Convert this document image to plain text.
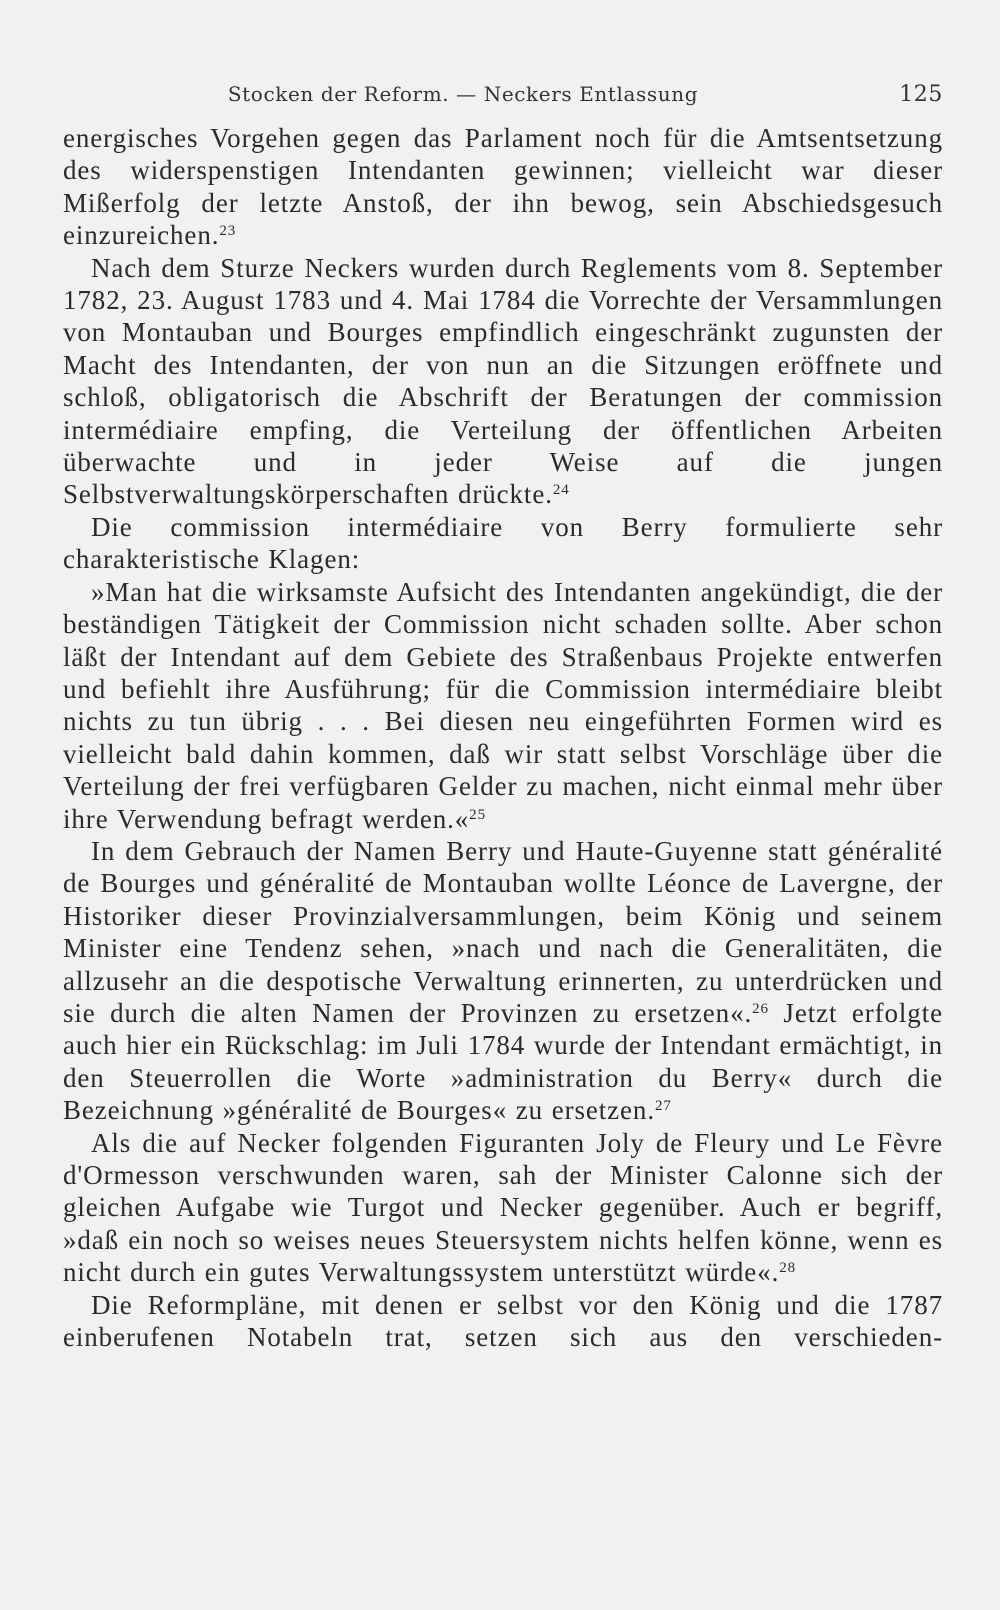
Stocken der Reform. — Neckers Entlassung	125

energisches Vorgehen gegen das Parlament noch für die Amtsentsetzung des widerspenstigen Intendanten gewinnen; vielleicht war dieser Mißerfolg der letzte Anstoß, der ihn bewog, sein Abschiedsgesuch einzureichen.$^{23}$

Nach dem Sturze Neckers wurden durch Reglements vom 8. September 1782, 23. August 1783 und 4. Mai 1784 die Vorrechte der Versammlungen von Montauban und Bourges empfindlich eingeschränkt zugunsten der Macht des Intendanten, der von nun an die Sitzungen eröffnete und schloß, obligatorisch die Abschrift der Beratungen der commission intermédiaire empfing, die Verteilung der öffentlichen Arbeiten überwachte und in jeder Weise auf die jungen Selbstverwaltungskörperschaften drückte.$^{24}$

Die commission intermédiaire von Berry formulierte sehr charakteristische Klagen:

»Man hat die wirksamste Aufsicht des Intendanten angekündigt, die der beständigen Tätigkeit der Commission nicht schaden sollte. Aber schon läßt der Intendant auf dem Gebiete des Straßenbaus Projekte entwerfen und befiehlt ihre Ausführung; für die Commission intermédiaire bleibt nichts zu tun übrig . . . Bei diesen neu eingeführten Formen wird es vielleicht bald dahin kommen, daß wir statt selbst Vorschläge über die Verteilung der frei verfügbaren Gelder zu machen, nicht einmal mehr über ihre Verwendung befragt werden.«$^{25}$

In dem Gebrauch der Namen Berry und Haute-Guyenne statt généralité de Bourges und généralité de Montauban wollte Léonce de Lavergne, der Historiker dieser Provinzialversammlungen, beim König und seinem Minister eine Tendenz sehen, »nach und nach die Generalitäten, die allzusehr an die despotische Verwaltung erinnerten, zu unterdrücken und sie durch die alten Namen der Provinzen zu ersetzen«.$^{26}$ Jetzt erfolgte auch hier ein Rückschlag: im Juli 1784 wurde der Intendant ermächtigt, in den Steuerrollen die Worte »administration du Berry« durch die Bezeichnung »généralité de Bourges« zu ersetzen.$^{27}$

Als die auf Necker folgenden Figuranten Joly de Fleury und Le Fèvre d'Ormesson verschwunden waren, sah der Minister Calonne sich der gleichen Aufgabe wie Turgot und Necker gegenüber. Auch er begriff, »daß ein noch so weises neues Steuersystem nichts helfen könne, wenn es nicht durch ein gutes Verwaltungssystem unterstützt würde«.$^{28}$

Die Reformpläne, mit denen er selbst vor den König und die 1787 einberufenen Notabeln trat, setzen sich aus den verschieden-
